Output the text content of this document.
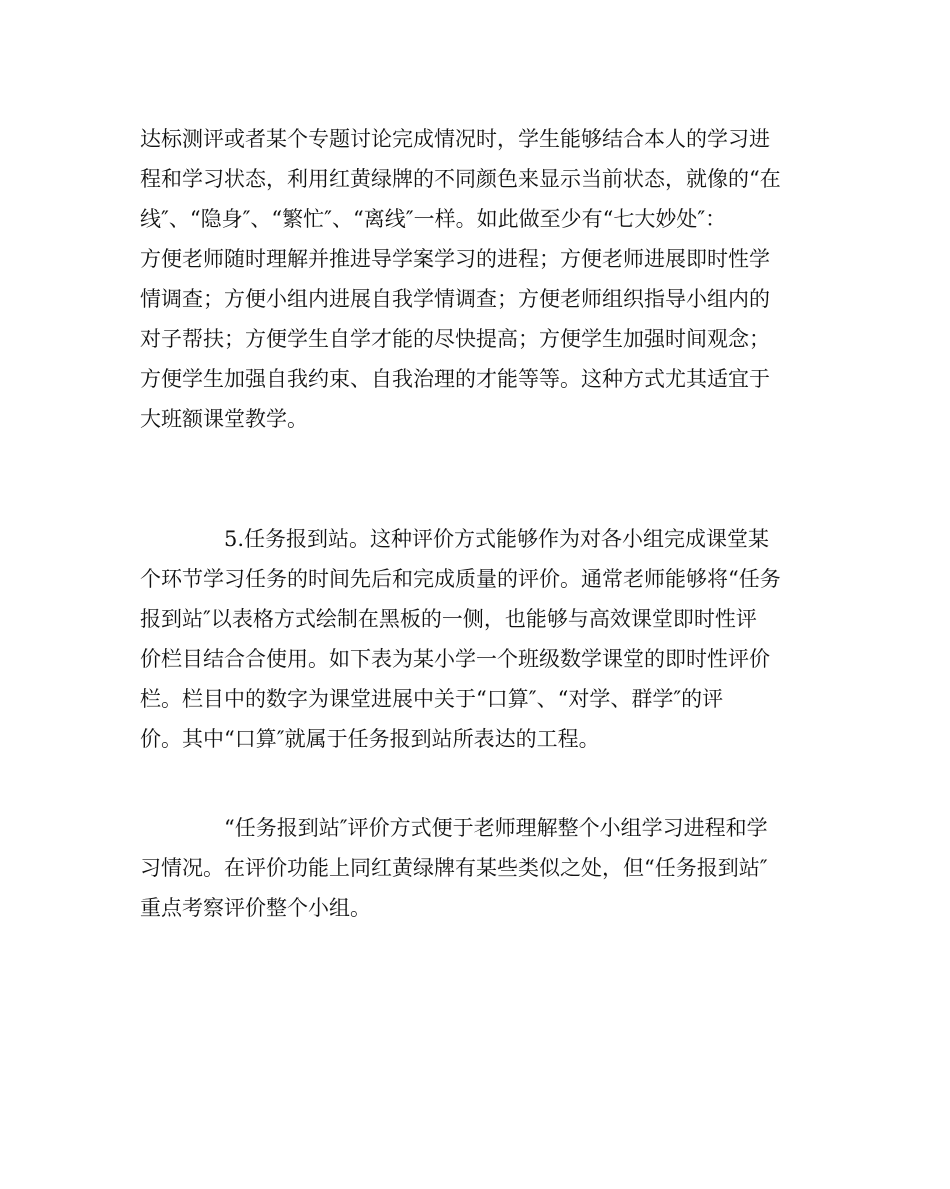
达标测评或者某个专题讨论完成情况时，学生能够结合本人的学习进
程和学习状态，利用红黄绿牌的不同颜色来显示当前状态，就像的“在
线″、“隐身″、“繁忙″、“离线″一样。如此做至少有“七大妙处″：
方便老师随时理解并推进导学案学习的进程；方便老师进展即时性学
情调查；方便小组内进展自我学情调查；方便老师组织指导小组内的
对子帮扶；方便学生自学才能的尽快提高；方便学生加强时间观念；
方便学生加强自我约束、自我治理的才能等等。这种方式尤其适宜于
大班额课堂教学。
5.任务报到站。这种评价方式能够作为对各小组完成课堂某
个环节学习任务的时间先后和完成质量的评价。通常老师能够将“任务
报到站″以表格方式绘制在黑板的一侧，也能够与高效课堂即时性评
价栏目结合合使用。如下表为某小学一个班级数学课堂的即时性评价
栏。栏目中的数字为课堂进展中关于“口算″、“对学、群学″的评
价。其中“口算″就属于任务报到站所表达的工程。
“任务报到站″评价方式便于老师理解整个小组学习进程和学
习情况。在评价功能上同红黄绿牌有某些类似之处，但“任务报到站″
重点考察评价整个小组。
